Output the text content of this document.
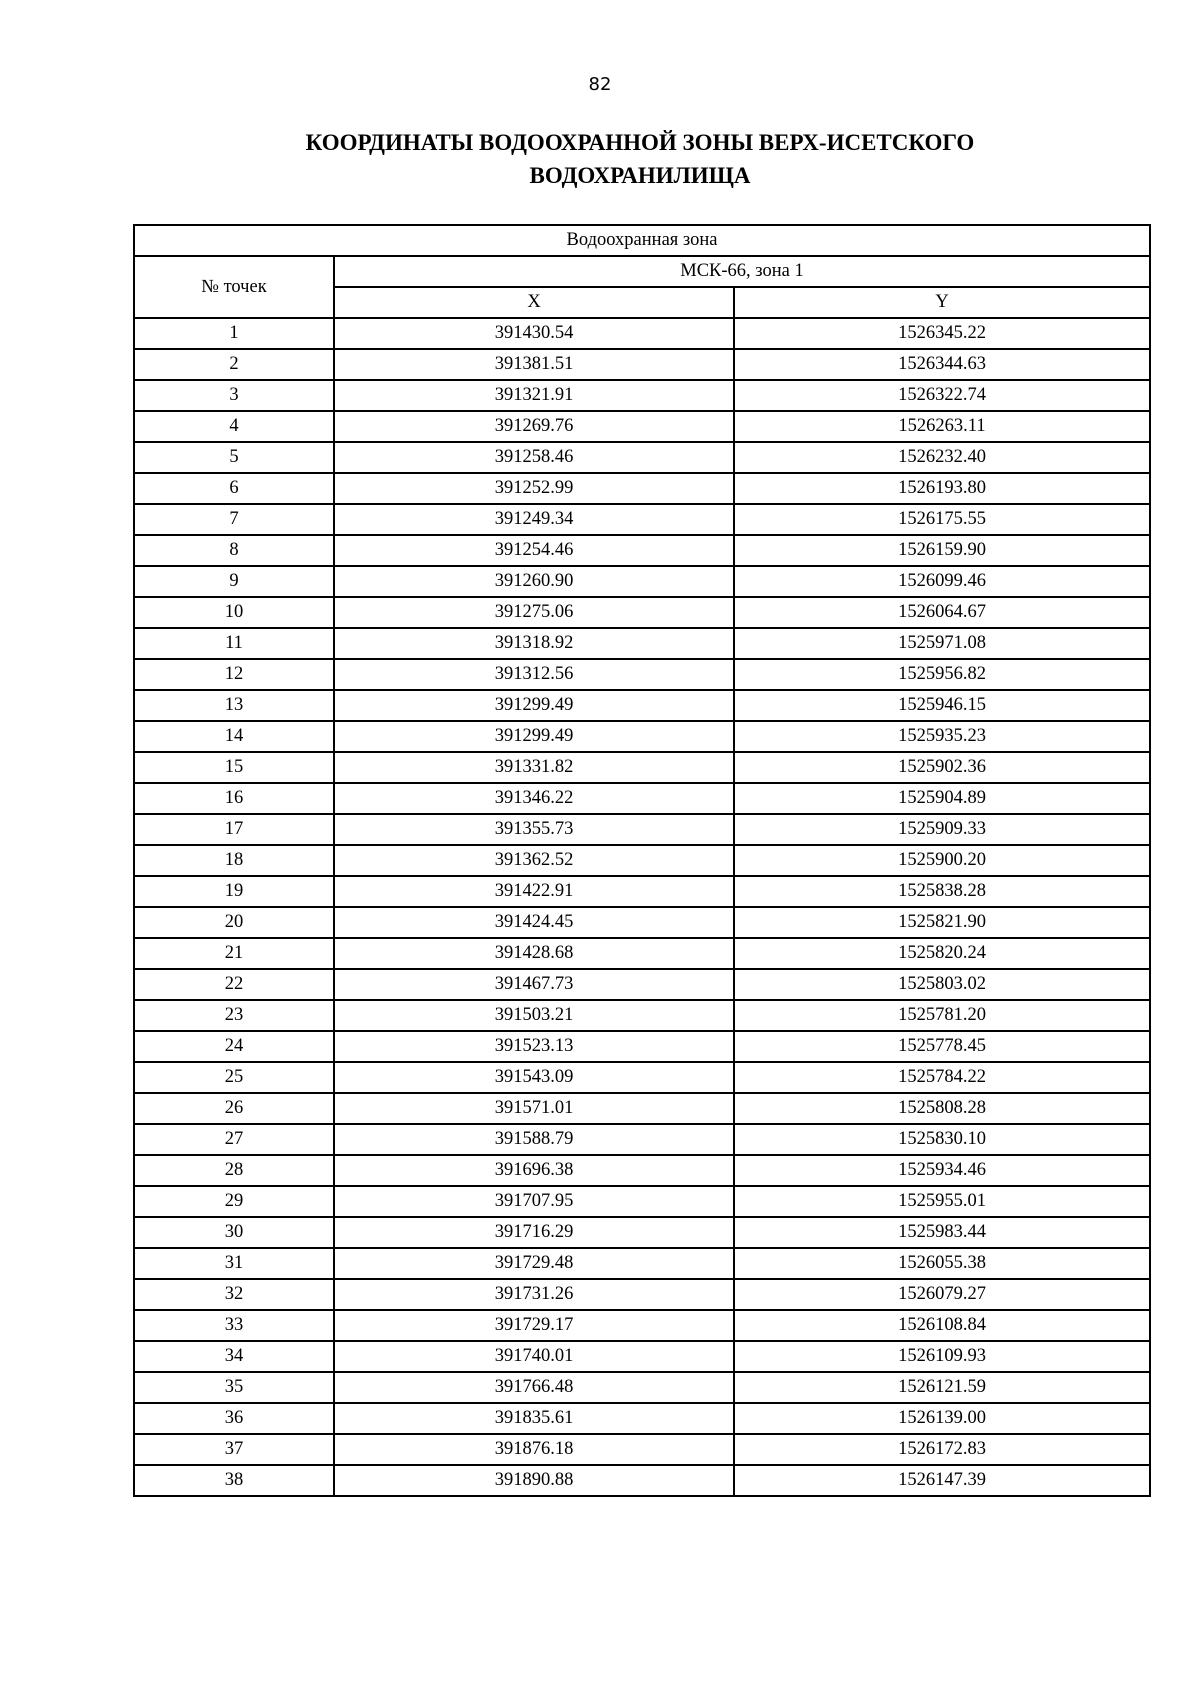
82
КООРДИНАТЫ ВОДООХРАННОЙ ЗОНЫ ВЕРХ-ИСЕТСКОГО
ВОДОХРАНИЛИЩА
Водоохранная зона		
№ точек	МСК-66, зона 1	
	X	Y
1	391430.54	1526345.22
2	391381.51	1526344.63
3	391321.91	1526322.74
4	391269.76	1526263.11
5	391258.46	1526232.40
6	391252.99	1526193.80
7	391249.34	1526175.55
8	391254.46	1526159.90
9	391260.90	1526099.46
10	391275.06	1526064.67
11	391318.92	1525971.08
12	391312.56	1525956.82
13	391299.49	1525946.15
14	391299.49	1525935.23
15	391331.82	1525902.36
16	391346.22	1525904.89
17	391355.73	1525909.33
18	391362.52	1525900.20
19	391422.91	1525838.28
20	391424.45	1525821.90
21	391428.68	1525820.24
22	391467.73	1525803.02
23	391503.21	1525781.20
24	391523.13	1525778.45
25	391543.09	1525784.22
26	391571.01	1525808.28
27	391588.79	1525830.10
28	391696.38	1525934.46
29	391707.95	1525955.01
30	391716.29	1525983.44
31	391729.48	1526055.38
32	391731.26	1526079.27
33	391729.17	1526108.84
34	391740.01	1526109.93
35	391766.48	1526121.59
36	391835.61	1526139.00
37	391876.18	1526172.83
38	391890.88	1526147.39
